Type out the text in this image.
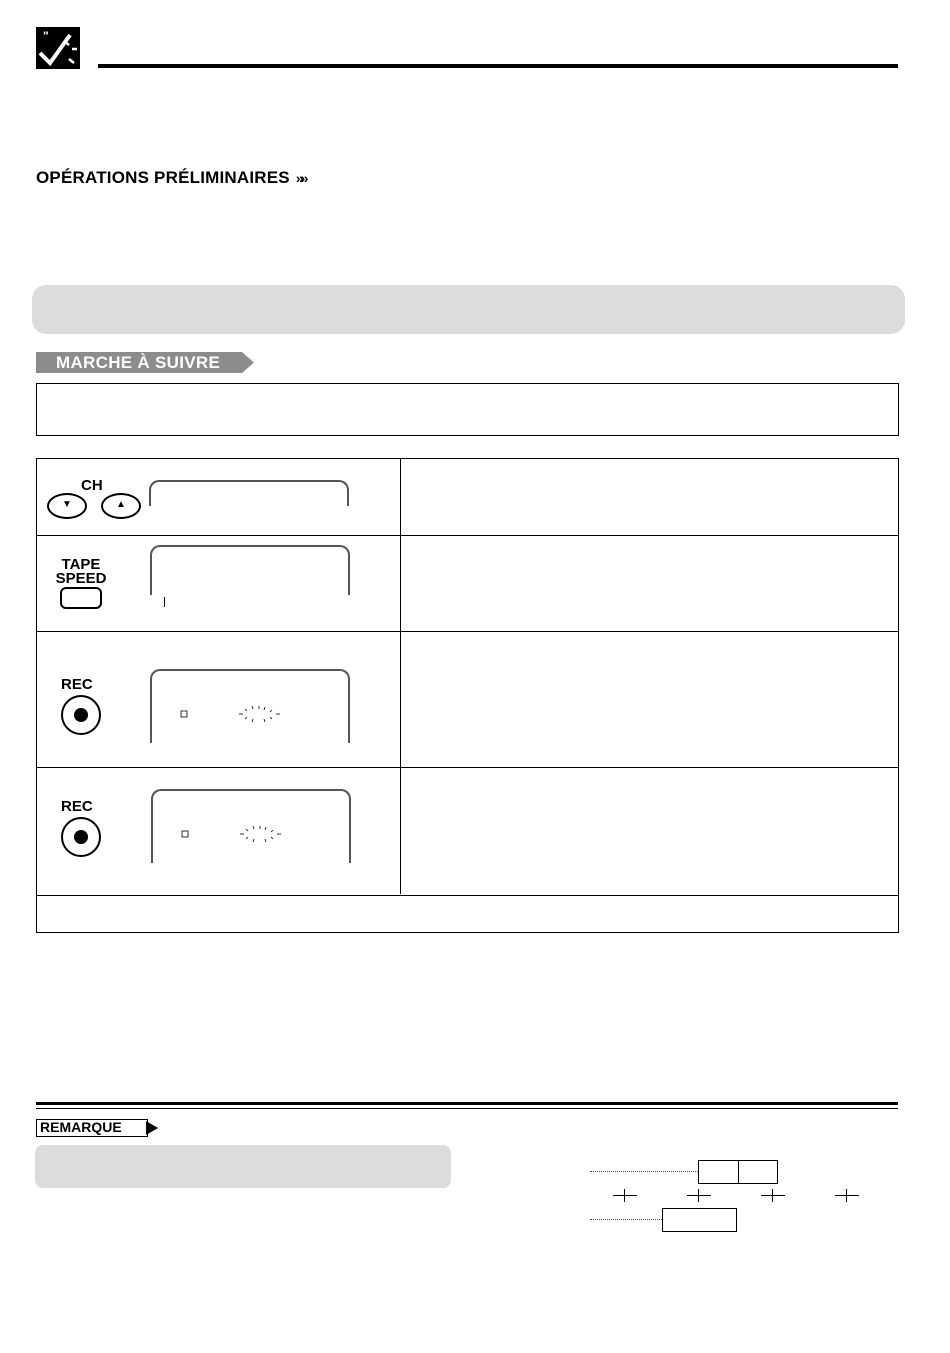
"
OPÉRATIONS PRÉLIMINAIRES »»
MARCHE À SUIVRE
CH
▼	▲
TAPE SPEED
REC
REC
REMARQUE
